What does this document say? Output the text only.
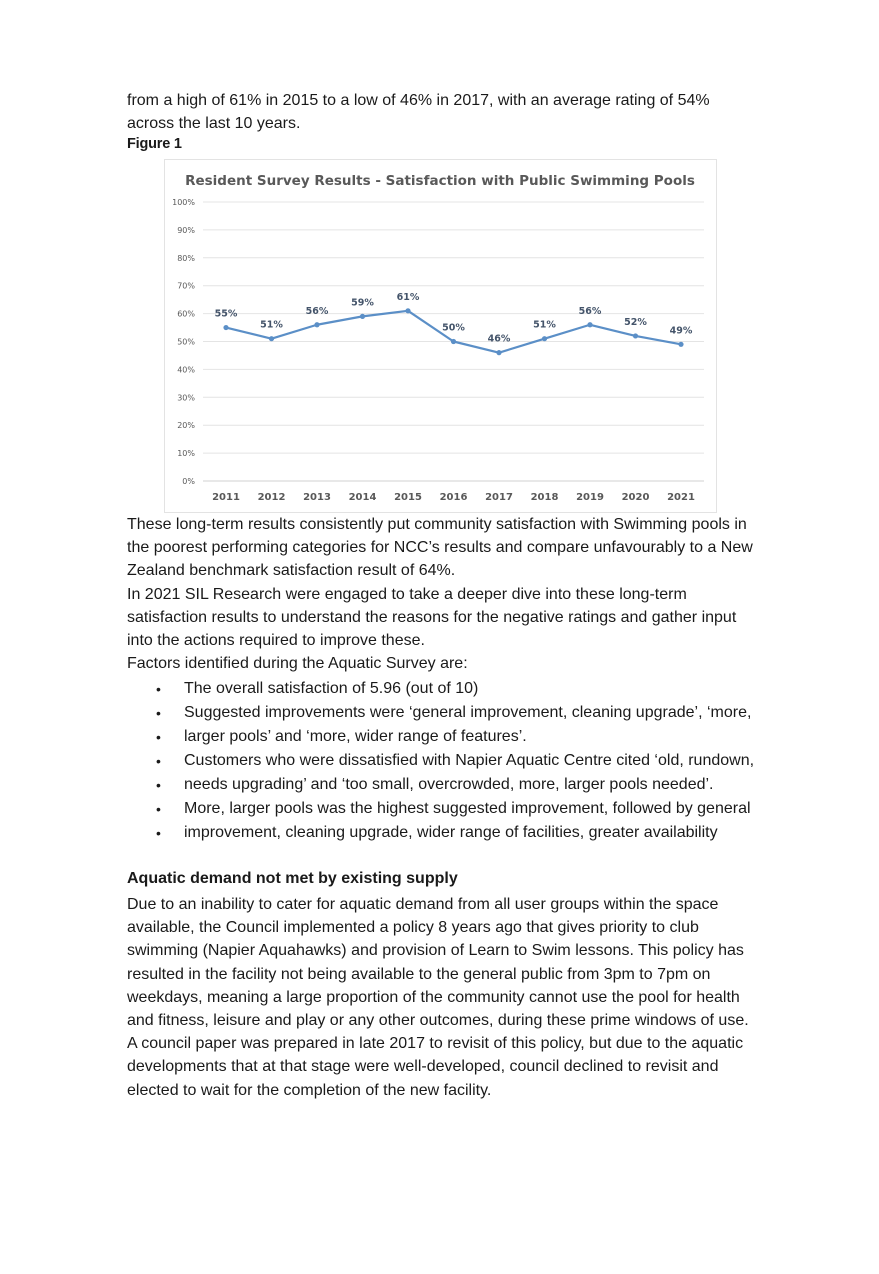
from a high of 61% in 2015 to a low of 46% in 2017, with an average rating of 54%
across the last 10 years.

Figure 1
Resident Survey Results - Satisfaction with Public Swimming Pools
0%
10%
20%
30%
40%
50%
60%
70%
80%
90%
100%
2011 2012 2013 2014 2015 2016 2017 2018 2019 2020 2021
55%
51%
56%
59%
61%
50%
46%
51%
56%
52%
49%

These long-term results consistently put community satisfaction with Swimming pools in
the poorest performing categories for NCC’s results and compare unfavourably to a New
Zealand benchmark satisfaction result of 64%.

In 2021 SIL Research were engaged to take a deeper dive into these long-term
satisfaction results to understand the reasons for the negative ratings and gather input
into the actions required to improve these.

Factors identified during the Aquatic Survey are:

• The overall satisfaction of 5.96 (out of 10)
• Suggested improvements were ‘general improvement, cleaning upgrade’, ‘more,
• larger pools’ and ‘more, wider range of features’.
• Customers who were dissatisfied with Napier Aquatic Centre cited ‘old, rundown,
• needs upgrading’ and ‘too small, overcrowded, more, larger pools needed’.
• More, larger pools was the highest suggested improvement, followed by general
• improvement, cleaning upgrade, wider range of facilities, greater availability
Aquatic demand not met by existing supply

Due to an inability to cater for aquatic demand from all user groups within the space
available, the Council implemented a policy 8 years ago that gives priority to club
swimming (Napier Aquahawks) and provision of Learn to Swim lessons. This policy has
resulted in the facility not being available to the general public from 3pm to 7pm on
weekdays, meaning a large proportion of the community cannot use the pool for health
and fitness, leisure and play or any other outcomes, during these prime windows of use.
A council paper was prepared in late 2017 to revisit of this policy, but due to the aquatic
developments that at that stage were well-developed, council declined to revisit and
elected to wait for the completion of the new facility.
